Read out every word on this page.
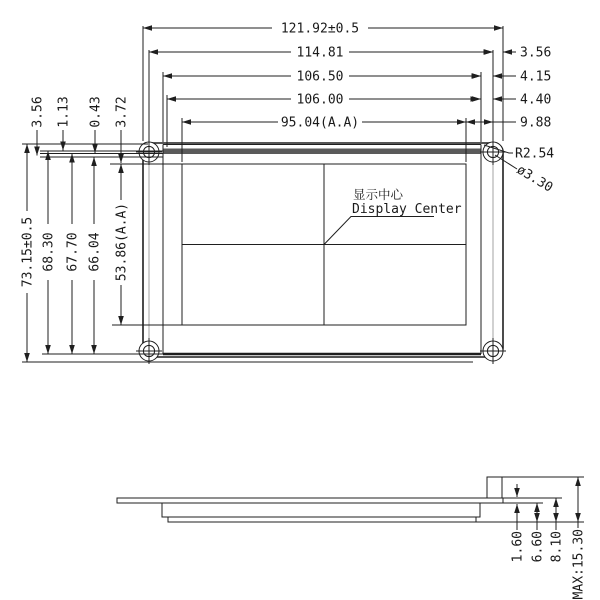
121.92±0.5
114.81
106.50
106.00
95.04(A.A)
3.56
4.15
4.40
9.88
R2.54
ø3.30
3.56 1.13 0.43 3.72
73.15±0.5 68.30 67.70 66.04 53.86(A.A)
显示中心
Display Center
1.60 6.60 8.10 MAX:15.30
